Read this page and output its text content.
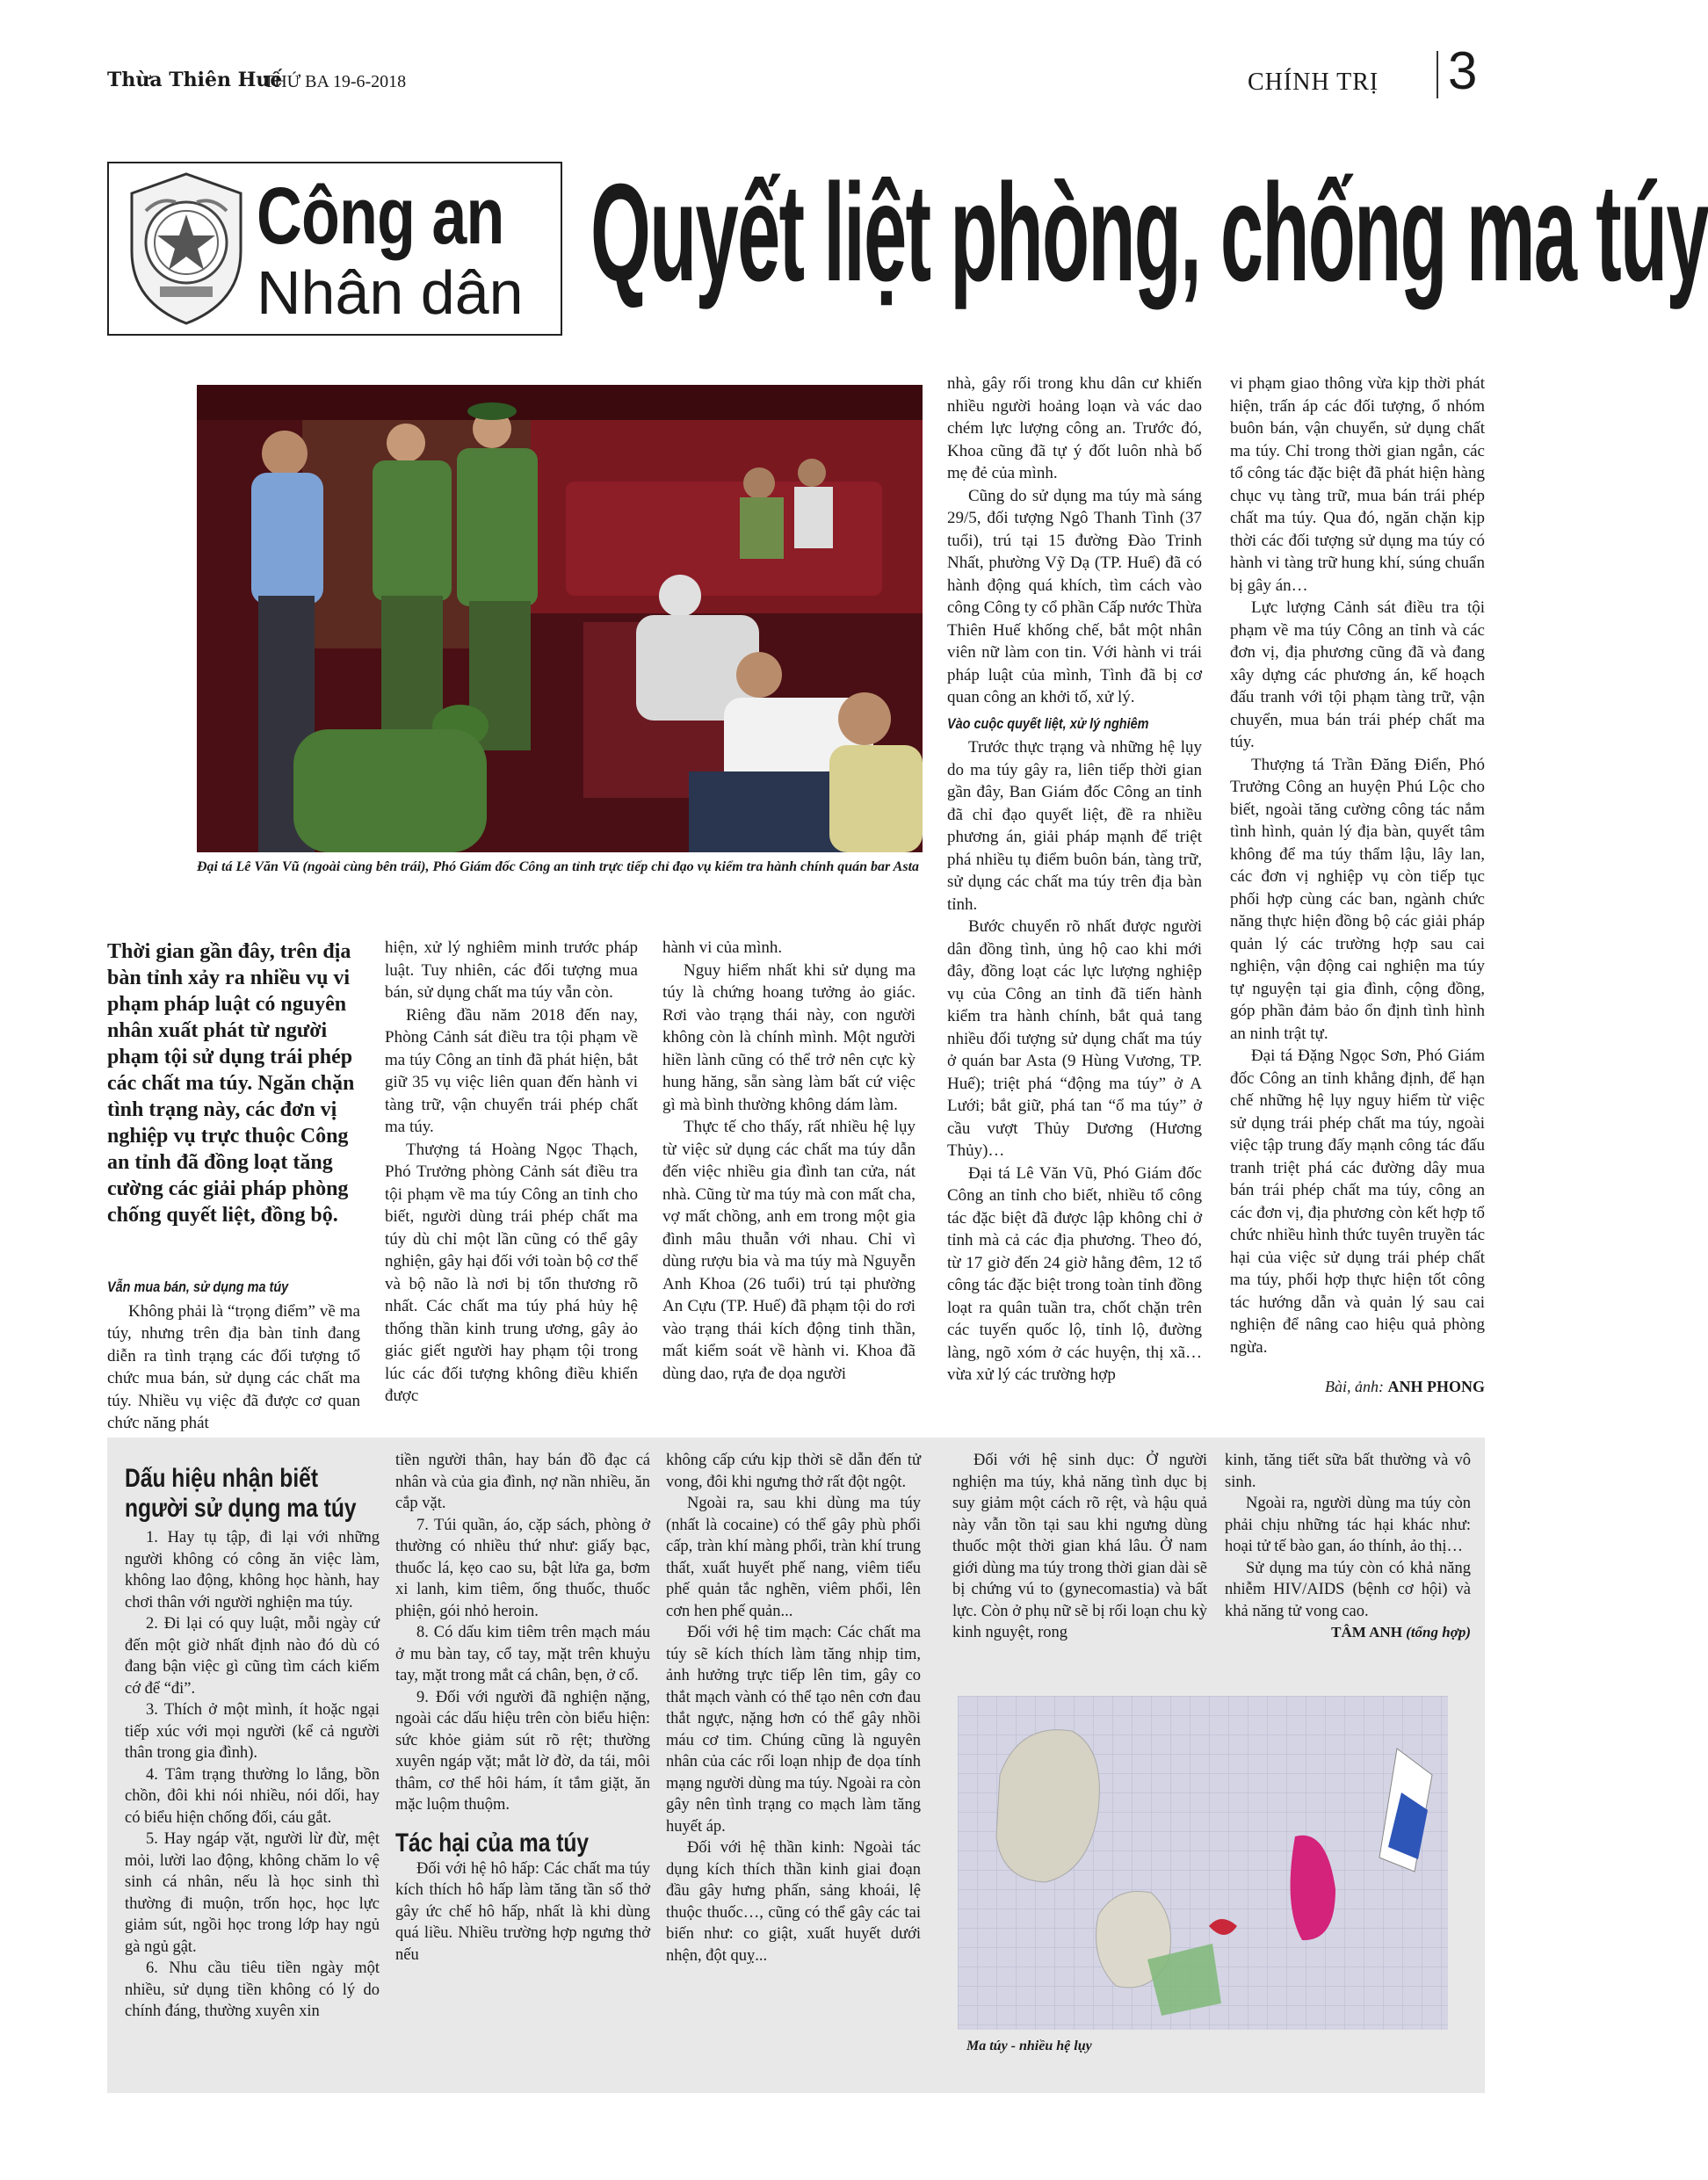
Thừa Thiên Huế
THỨ BA 19-6-2018	CHÍNH TRỊ 3
Công an
Nhân dân Quyết liệt phòng, chống ma túy
Đại tá Lê Văn Vũ (ngoài cùng bên trái), Phó Giám đốc Công an tỉnh trực tiếp chỉ đạo vụ kiểm tra hành chính quán bar Asta
Thời gian gần đây, trên địa bàn tỉnh xảy ra nhiều vụ vi phạm pháp luật có nguyên nhân xuất phát từ người phạm tội sử dụng trái phép các chất ma túy. Ngăn chặn tình trạng này, các đơn vị nghiệp vụ trực thuộc Công an tỉnh đã đồng loạt tăng cường các giải pháp phòng chống quyết liệt, đồng bộ.
Vẫn mua bán, sử dụng ma túy

Không phải là “trọng điểm” về ma túy, nhưng trên địa bàn tỉnh đang diễn ra tình trạng các đối tượng tổ chức mua bán, sử dụng các chất ma túy. Nhiều vụ việc đã được cơ quan chức năng phát

hiện, xử lý nghiêm minh trước pháp luật. Tuy nhiên, các đối tượng mua bán, sử dụng chất ma túy vẫn còn.

Riêng đầu năm 2018 đến nay, Phòng Cảnh sát điều tra tội phạm về ma túy Công an tỉnh đã phát hiện, bắt giữ 35 vụ việc liên quan đến hành vi tàng trữ, vận chuyển trái phép chất ma túy.

Thượng tá Hoàng Ngọc Thạch, Phó Trưởng phòng Cảnh sát điều tra tội phạm về ma túy Công an tỉnh cho biết, người dùng trái phép chất ma túy dù chỉ một lần cũng có thể gây nghiện, gây hại đối với toàn bộ cơ thể và bộ não là nơi bị tổn thương rõ nhất. Các chất ma túy phá hủy hệ thống thần kinh trung ương, gây ảo giác giết người hay phạm tội trong lúc các đối tượng không điều khiển được

hành vi của mình.

Nguy hiểm nhất khi sử dụng ma túy là chứng hoang tưởng ảo giác. Rơi vào trạng thái này, con người không còn là chính mình. Một người hiền lành cũng có thể trở nên cực kỳ hung hăng, sẵn sàng làm bất cứ việc gì mà bình thường không dám làm.

Thực tế cho thấy, rất nhiều hệ lụy từ việc sử dụng các chất ma túy dẫn đến việc nhiều gia đình tan cửa, nát nhà. Cũng từ ma túy mà con mất cha, vợ mất chồng, anh em trong một gia đình mâu thuẫn với nhau. Chỉ vì dùng rượu bia và ma túy mà Nguyễn Anh Khoa (26 tuổi) trú tại phường An Cựu (TP. Huế) đã phạm tội do rơi vào trạng thái kích động tinh thần, mất kiểm soát về hành vi. Khoa đã dùng dao, rựa đe dọa người

nhà, gây rối trong khu dân cư khiến nhiều người hoảng loạn và vác dao chém lực lượng công an. Trước đó, Khoa cũng đã tự ý đốt luôn nhà bố mẹ đẻ của mình.

Cũng do sử dụng ma túy mà sáng 29/5, đối tượng Ngô Thanh Tình (37 tuổi), trú tại 15 đường Đào Trinh Nhất, phường Vỹ Dạ (TP. Huế) đã có hành động quá khích, tìm cách vào công Công ty cổ phần Cấp nước Thừa Thiên Huế khống chế, bắt một nhân viên nữ làm con tin. Với hành vi trái pháp luật của mình, Tình đã bị cơ quan công an khởi tố, xử lý.

Vào cuộc quyết liệt, xử lý nghiêm

Trước thực trạng và những hệ lụy do ma túy gây ra, liên tiếp thời gian gần đây, Ban Giám đốc Công an tỉnh đã chỉ đạo quyết liệt, đề ra nhiều phương án, giải pháp mạnh để triệt phá nhiều tụ điểm buôn bán, tàng trữ, sử dụng các chất ma túy trên địa bàn tỉnh.

Bước chuyển rõ nhất được người dân đồng tình, ủng hộ cao khi mới đây, đồng loạt các lực lượng nghiệp vụ của Công an tỉnh đã tiến hành kiểm tra hành chính, bắt quả tang nhiều đối tượng sử dụng chất ma túy ở quán bar Asta (9 Hùng Vương, TP. Huế); triệt phá “động ma túy” ở A Lưới; bắt giữ, phá tan “ổ ma túy” ở cầu vượt Thủy Dương (Hương Thủy)…

Đại tá Lê Văn Vũ, Phó Giám đốc Công an tỉnh cho biết, nhiều tổ công tác đặc biệt đã được lập không chỉ ở tỉnh mà cả các địa phương. Theo đó, từ 17 giờ đến 24 giờ hằng đêm, 12 tổ công tác đặc biệt trong toàn tỉnh đồng loạt ra quân tuần tra, chốt chặn trên các tuyến quốc lộ, tỉnh lộ, đường làng, ngõ xóm ở các huyện, thị xã… vừa xử lý các trường hợp

vi phạm giao thông vừa kịp thời phát hiện, trấn áp các đối tượng, ổ nhóm buôn bán, vận chuyển, sử dụng chất ma túy. Chỉ trong thời gian ngắn, các tổ công tác đặc biệt đã phát hiện hàng chục vụ tàng trữ, mua bán trái phép chất ma túy. Qua đó, ngăn chặn kịp thời các đối tượng sử dụng ma túy có hành vi tàng trữ hung khí, súng chuẩn bị gây án…

Lực lượng Cảnh sát điều tra tội phạm về ma túy Công an tỉnh và các đơn vị, địa phương cũng đã và đang xây dựng các phương án, kế hoạch đấu tranh với tội phạm tàng trữ, vận chuyển, mua bán trái phép chất ma túy.

Thượng tá Trần Đăng Điển, Phó Trưởng Công an huyện Phú Lộc cho biết, ngoài tăng cường công tác nắm tình hình, quản lý địa bàn, quyết tâm không để ma túy thẩm lậu, lây lan, các đơn vị nghiệp vụ còn tiếp tục phối hợp cùng các ban, ngành chức năng thực hiện đồng bộ các giải pháp quản lý các trường hợp sau cai nghiện, vận động cai nghiện ma túy tự nguyện tại gia đình, cộng đồng, góp phần đảm bảo ổn định tình hình an ninh trật tự.

Đại tá Đặng Ngọc Sơn, Phó Giám đốc Công an tỉnh khẳng định, để hạn chế những hệ lụy nguy hiểm từ việc sử dụng trái phép chất ma túy, ngoài việc tập trung đấy mạnh công tác đấu tranh triệt phá các đường dây mua bán trái phép chất ma túy, công an các đơn vị, địa phương còn kết hợp tổ chức nhiều hình thức tuyên truyền tác hại của việc sử dụng trái phép chất ma túy, phối hợp thực hiện tốt công tác hướng dẫn và quản lý sau cai nghiện để nâng cao hiệu quả phòng ngừa.

Bài, ảnh: ANH PHONG
Dấu hiệu nhận biết
người sử dụng ma túy

1. Hay tụ tập, đi lại với những người không có công ăn việc làm, không lao động, không học hành, hay chơi thân với người nghiện ma túy.

2. Đi lại có quy luật, mỗi ngày cứ đến một giờ nhất định nào đó dù có đang bận việc gì cũng tìm cách kiếm cớ để “đi”.

3. Thích ở một mình, ít hoặc ngại tiếp xúc với mọi người (kể cả người thân trong gia đình).

4. Tâm trạng thường lo lắng, bồn chồn, đôi khi nói nhiều, nói dối, hay có biểu hiện chống đối, cáu gắt.

5. Hay ngáp vặt, người lừ đừ, mệt mỏi, lười lao động, không chăm lo vệ sinh cá nhân, nếu là học sinh thì thường đi muộn, trốn học, học lực giảm sút, ngồi học trong lớp hay ngủ gà ngủ gật.

6. Nhu cầu tiêu tiền ngày một nhiều, sử dụng tiền không có lý do chính đáng, thường xuyên xin

tiền người thân, hay bán đồ đạc cá nhân và của gia đình, nợ nần nhiều, ăn cắp vặt.

7. Túi quần, áo, cặp sách, phòng ở thường có nhiều thứ như: giấy bạc, thuốc lá, kẹo cao su, bật lửa ga, bơm xi lanh, kim tiêm, ống thuốc, thuốc phiện, gói nhỏ heroin.

8. Có dấu kim tiêm trên mạch máu ở mu bàn tay, cổ tay, mặt trên khuỷu tay, mặt trong mắt cá chân, bẹn, ở cổ.

9. Đối với người đã nghiện nặng, ngoài các dấu hiệu trên còn biểu hiện: sức khỏe giảm sút rõ rệt; thường xuyên ngáp vặt; mắt lờ đờ, da tái, môi thâm, cơ thể hôi hám, ít tắm giặt, ăn mặc luộm thuộm.

Tác hại của ma túy

Đối với hệ hô hấp: Các chất ma túy kích thích hô hấp làm tăng tần số thở gây ức chế hô hấp, nhất là khi dùng quá liều. Nhiều trường hợp ngưng thở nếu

không cấp cứu kịp thời sẽ dẫn đến tử vong, đôi khi ngưng thở rất đột ngột.

Ngoài ra, sau khi dùng ma túy (nhất là cocaine) có thể gây phù phổi cấp, tràn khí màng phổi, tràn khí trung thất, xuất huyết phế nang, viêm tiểu phế quản tắc nghẽn, viêm phổi, lên cơn hen phế quản...

Đối với hệ tim mạch: Các chất ma túy sẽ kích thích làm tăng nhịp tim, ảnh hưởng trực tiếp lên tim, gây co thắt mạch vành có thể tạo nên cơn đau thắt ngực, nặng hơn có thể gây nhồi máu cơ tim. Chúng cũng là nguyên nhân của các rối loạn nhịp đe dọa tính mạng người dùng ma túy. Ngoài ra còn gây nên tình trạng co mạch làm tăng huyết áp.

Đối với hệ thần kinh: Ngoài tác dụng kích thích thần kinh giai đoạn đầu gây hưng phấn, sảng khoái, lệ thuộc thuốc…, cũng có thể gây các tai biến như: co giật, xuất huyết dưới nhện, đột quỵ...

Đối với hệ sinh dục: Ở người nghiện ma túy, khả năng tình dục bị suy giảm một cách rõ rệt, và hậu quả này vẫn tồn tại sau khi ngưng dùng thuốc một thời gian khá lâu. Ở nam giới dùng ma túy trong thời gian dài sẽ bị chứng vú to (gynecomastia) và bất lực. Còn ở phụ nữ sẽ bị rối loạn chu kỳ kinh nguyệt, rong

kinh, tăng tiết sữa bất thường và vô sinh.

Ngoài ra, người dùng ma túy còn phải chịu những tác hại khác như: hoại tử tế bào gan, áo thính, ảo thị…

Sử dụng ma túy còn có khả năng nhiễm HIV/AIDS (bệnh cơ hội) và khả năng tử vong cao.

TÂM ANH (tổng hợp)
Ma túy - nhiều hệ lụy
